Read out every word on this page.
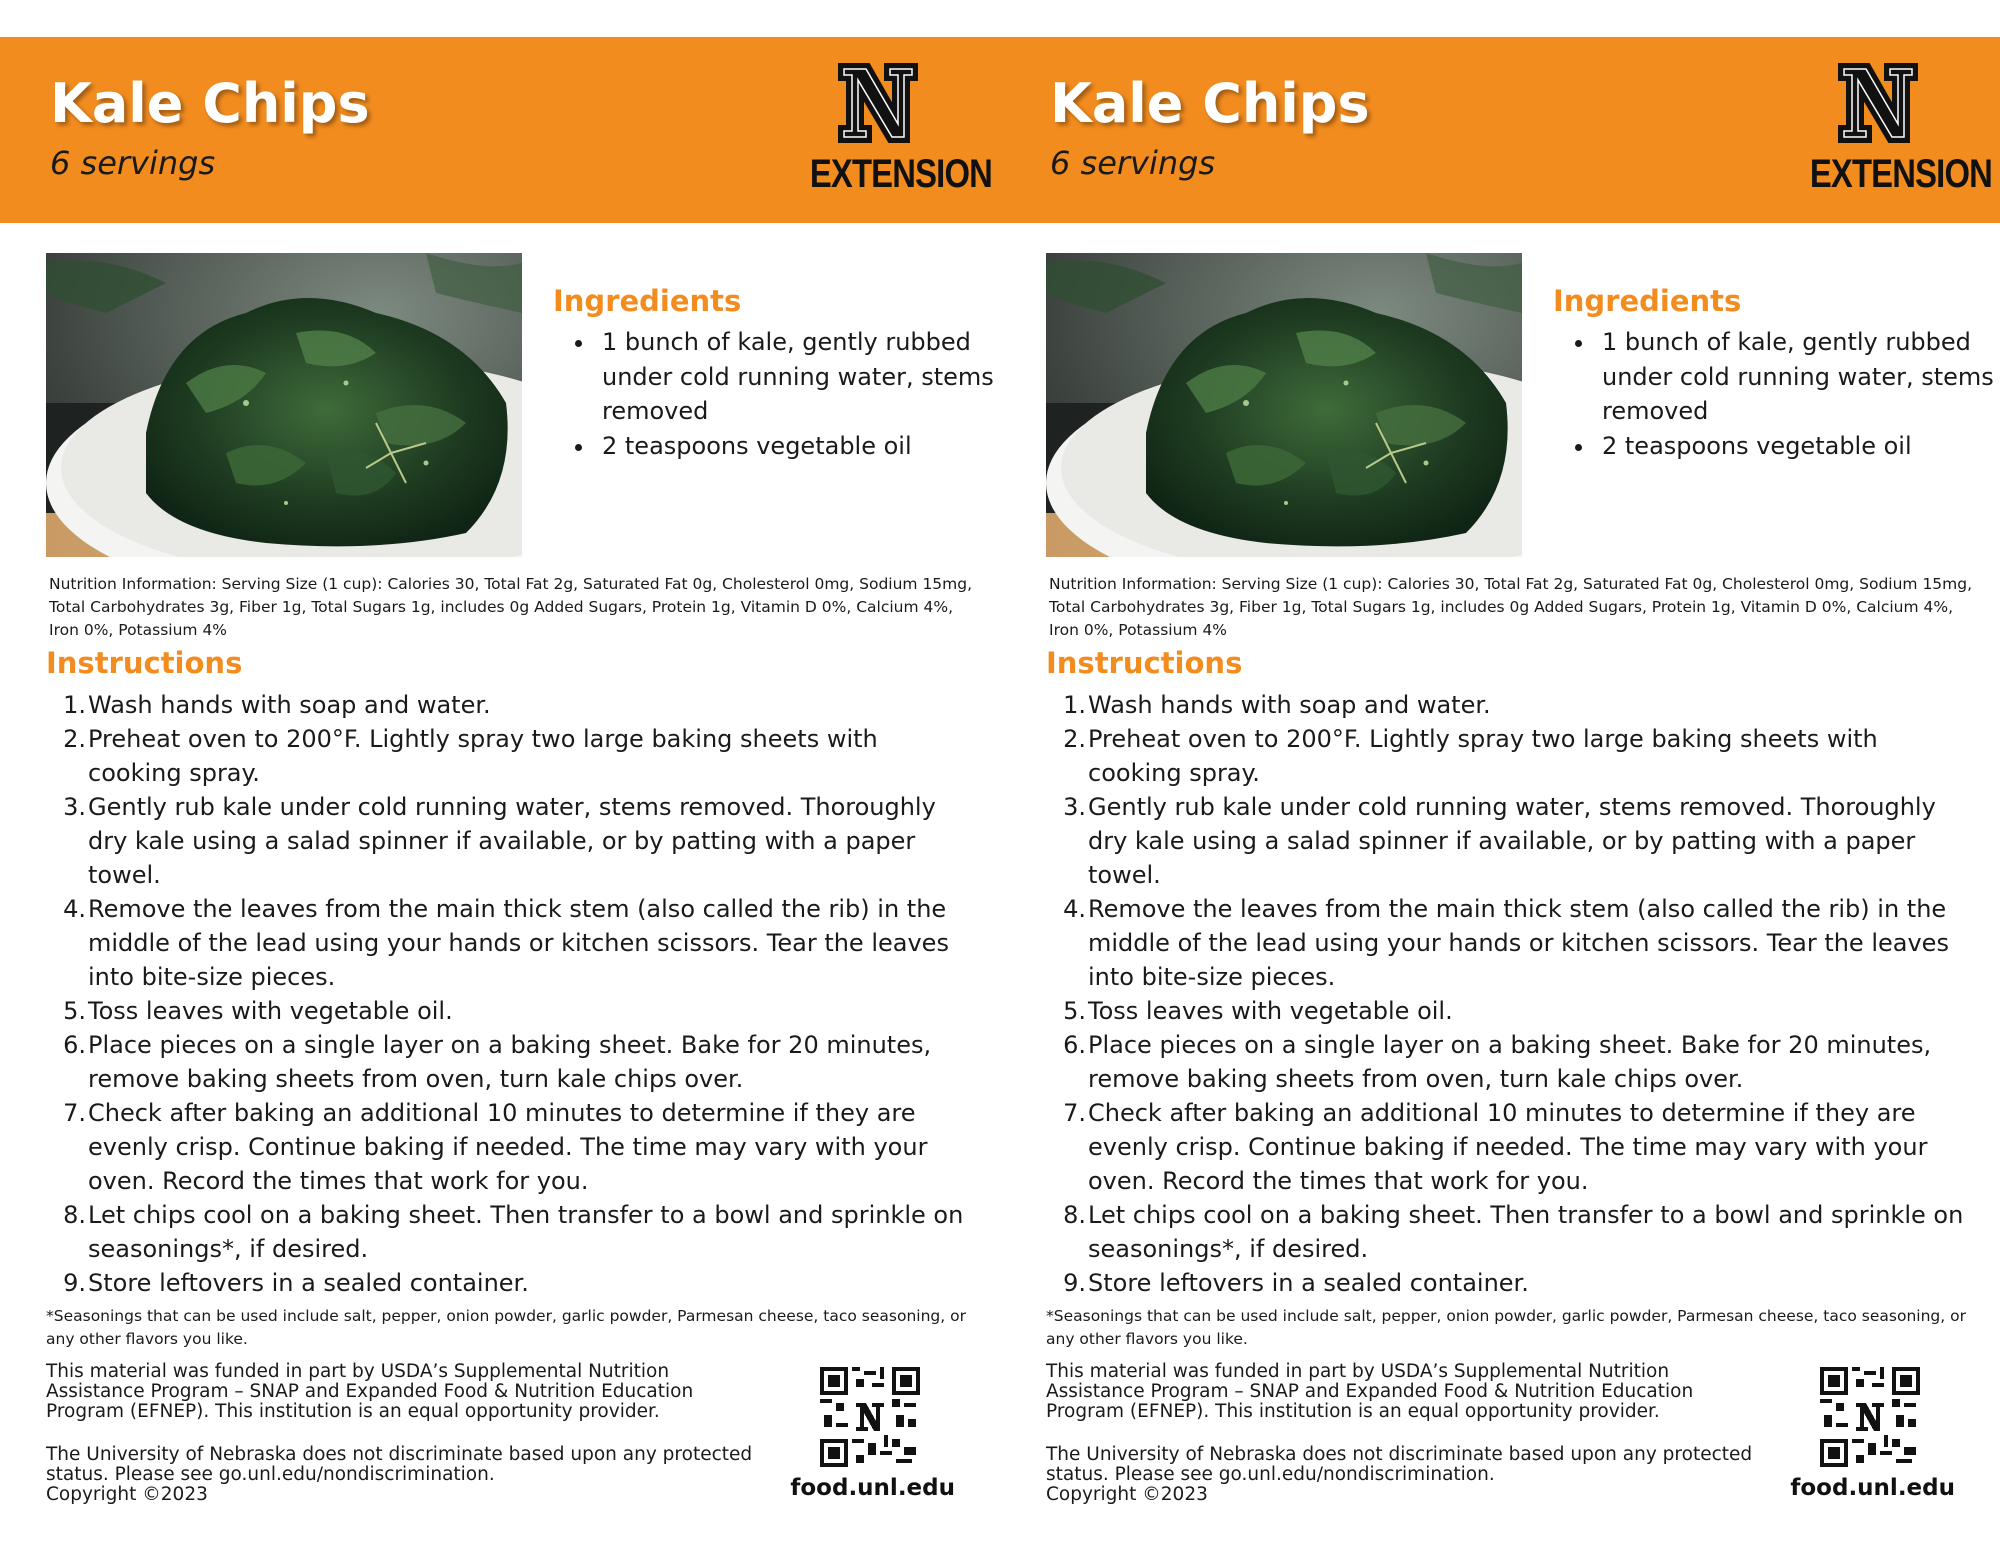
Kale Chips
6 servings	EXTENSION
Ingredients
• 1 bunch of kale, gently rubbed under cold running water, stems removed
• 2 teaspoons vegetable oil

Nutrition Information: Serving Size (1 cup): Calories 30, Total Fat 2g, Saturated Fat 0g, Cholesterol 0mg, Sodium 15mg, Total Carbohydrates 3g, Fiber 1g, Total Sugars 1g, includes 0g Added Sugars, Protein 1g, Vitamin D 0%, Calcium 4%, Iron 0%, Potassium 4%

Instructions
Wash hands with soap and water.
Preheat oven to 200°F. Lightly spray two large baking sheets with cooking spray.
Gently rub kale under cold running water, stems removed. Thoroughly dry kale using a salad spinner if available, or by patting with a paper towel.
Remove the leaves from the main thick stem (also called the rib) in the middle of the lead using your hands or kitchen scissors. Tear the leaves into bite-size pieces.
Toss leaves with vegetable oil.
Place pieces on a single layer on a baking sheet. Bake for 20 minutes, remove baking sheets from oven, turn kale chips over.
Check after baking an additional 10 minutes to determine if they are evenly crisp. Continue baking if needed. The time may vary with your oven. Record the times that work for you.
Let chips cool on a baking sheet. Then transfer to a bowl and sprinkle on seasonings*, if desired.
Store leftovers in a sealed container.

*Seasonings that can be used include salt, pepper, onion powder, garlic powder, Parmesan cheese, taco seasoning, or any other flavors you like.

This material was funded in part by USDA’s Supplemental Nutrition Assistance Program – SNAP and Expanded Food & Nutrition Education Program (EFNEP). This institution is an equal opportunity provider.

The University of Nebraska does not discriminate based upon any protected status. Please see go.unl.edu/nondiscrimination.
Copyright ©2023	food.unl.edu
Kale Chips
6 servings	EXTENSION
Ingredients
• 1 bunch of kale, gently rubbed under cold running water, stems removed
• 2 teaspoons vegetable oil

Nutrition Information: Serving Size (1 cup): Calories 30, Total Fat 2g, Saturated Fat 0g, Cholesterol 0mg, Sodium 15mg, Total Carbohydrates 3g, Fiber 1g, Total Sugars 1g, includes 0g Added Sugars, Protein 1g, Vitamin D 0%, Calcium 4%, Iron 0%, Potassium 4%

Instructions
Wash hands with soap and water.
Preheat oven to 200°F. Lightly spray two large baking sheets with cooking spray.
Gently rub kale under cold running water, stems removed. Thoroughly dry kale using a salad spinner if available, or by patting with a paper towel.
Remove the leaves from the main thick stem (also called the rib) in the middle of the lead using your hands or kitchen scissors. Tear the leaves into bite-size pieces.
Toss leaves with vegetable oil.
Place pieces on a single layer on a baking sheet. Bake for 20 minutes, remove baking sheets from oven, turn kale chips over.
Check after baking an additional 10 minutes to determine if they are evenly crisp. Continue baking if needed. The time may vary with your oven. Record the times that work for you.
Let chips cool on a baking sheet. Then transfer to a bowl and sprinkle on seasonings*, if desired.
Store leftovers in a sealed container.

*Seasonings that can be used include salt, pepper, onion powder, garlic powder, Parmesan cheese, taco seasoning, or any other flavors you like.

This material was funded in part by USDA’s Supplemental Nutrition Assistance Program – SNAP and Expanded Food & Nutrition Education Program (EFNEP). This institution is an equal opportunity provider.

The University of Nebraska does not discriminate based upon any protected status. Please see go.unl.edu/nondiscrimination.
Copyright ©2023	food.unl.edu
